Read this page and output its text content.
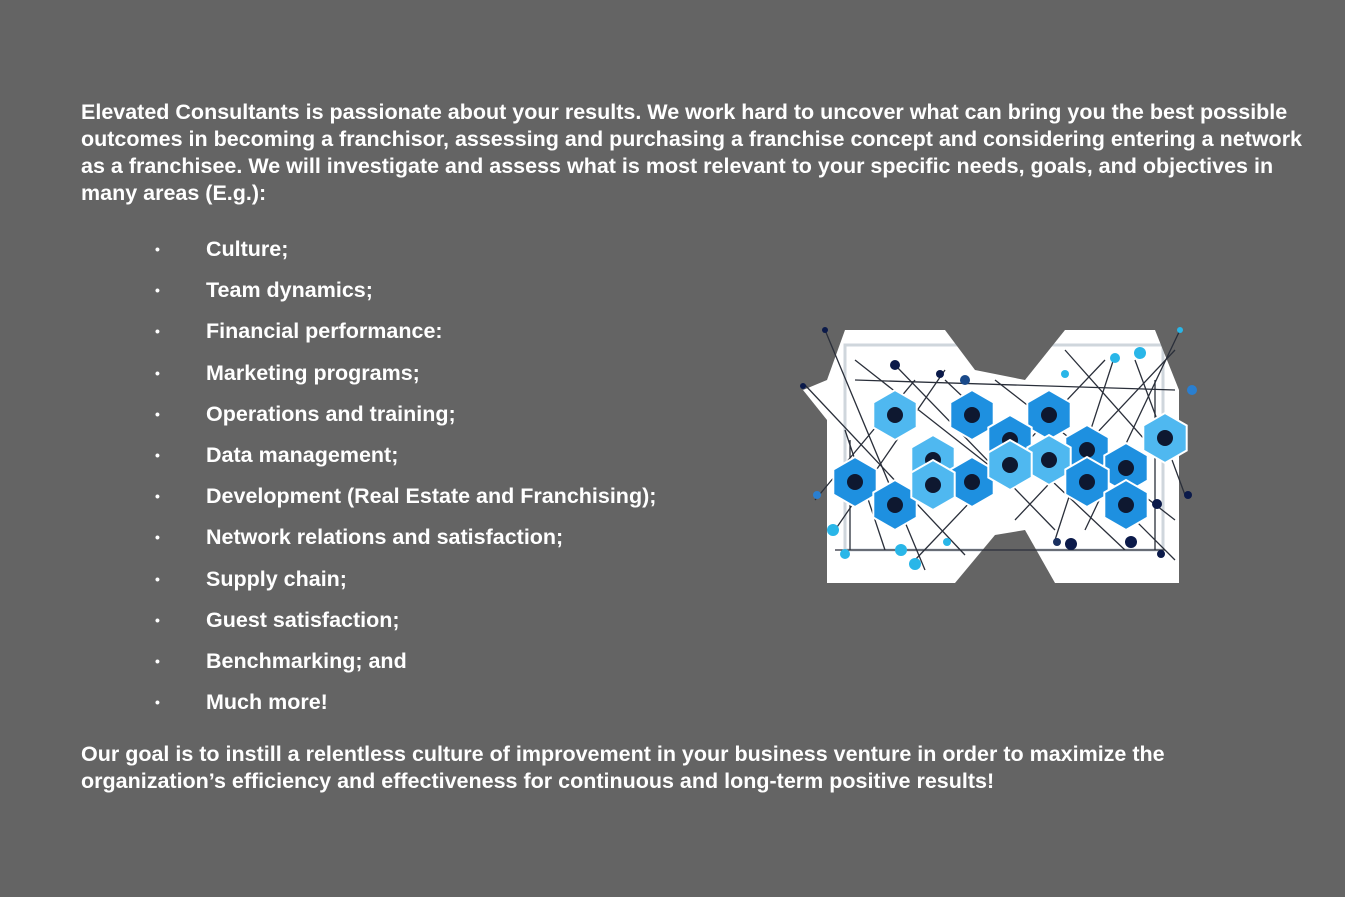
Elevated Consultants is passionate about your results. We work hard to uncover what can bring you the best possible outcomes in becoming a franchisor, assessing and purchasing a franchise concept and considering entering a network as a franchisee. We will investigate and assess what is most relevant to your specific needs, goals, and objectives in many areas (E.g.):

• Culture;
• Team dynamics;
• Financial performance:
• Marketing programs;
• Operations and training;
• Data management;
• Development (Real Estate and Franchising);
• Network relations and satisfaction;
• Supply chain;
• Guest satisfaction;
• Benchmarking; and
• Much more!

Our goal is to instill a relentless culture of improvement in your business venture in order to maximize the organization’s efficiency and effectiveness for continuous and long-term positive results!
